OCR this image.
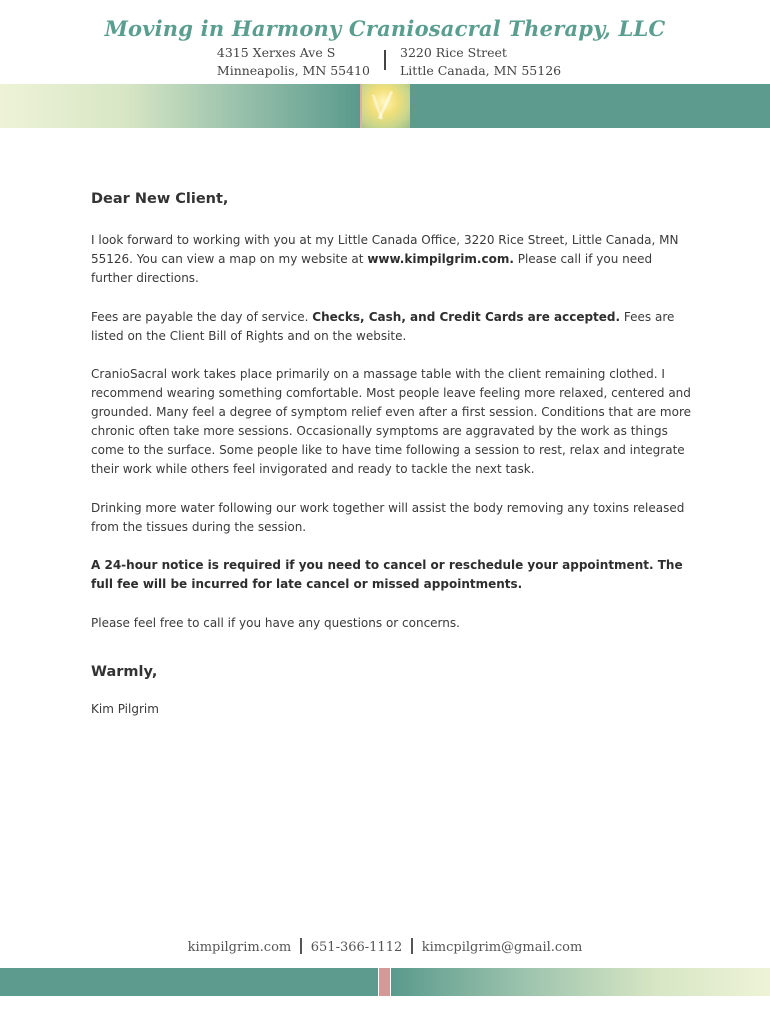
Moving in Harmony Craniosacral Therapy, LLC
4315 Xerxes Ave S
Minneapolis, MN 55410
3220 Rice Street
Little Canada, MN 55126
Dear New Client,

I look forward to working with you at my Little Canada Office, 3220 Rice Street, Little Canada, MN 55126. You can view a map on my website at www.kimpilgrim.com. Please call if you need further directions.

Fees are payable the day of service. Checks, Cash, and Credit Cards are accepted. Fees are listed on the Client Bill of Rights and on the website.

CranioSacral work takes place primarily on a massage table with the client remaining clothed. I recommend wearing something comfortable. Most people leave feeling more relaxed, centered and grounded. Many feel a degree of symptom relief even after a first session. Conditions that are more chronic often take more sessions. Occasionally symptoms are aggravated by the work as things come to the surface. Some people like to have time following a session to rest, relax and integrate their work while others feel invigorated and ready to tackle the next task.

Drinking more water following our work together will assist the body removing any toxins released from the tissues during the session.

A 24-hour notice is required if you need to cancel or reschedule your appointment. The full fee will be incurred for late cancel or missed appointments.

Please feel free to call if you have any questions or concerns.

Warmly,

Kim Pilgrim

kimpilgrim.com 651-366-1112 kimcpilgrim@gmail.com
